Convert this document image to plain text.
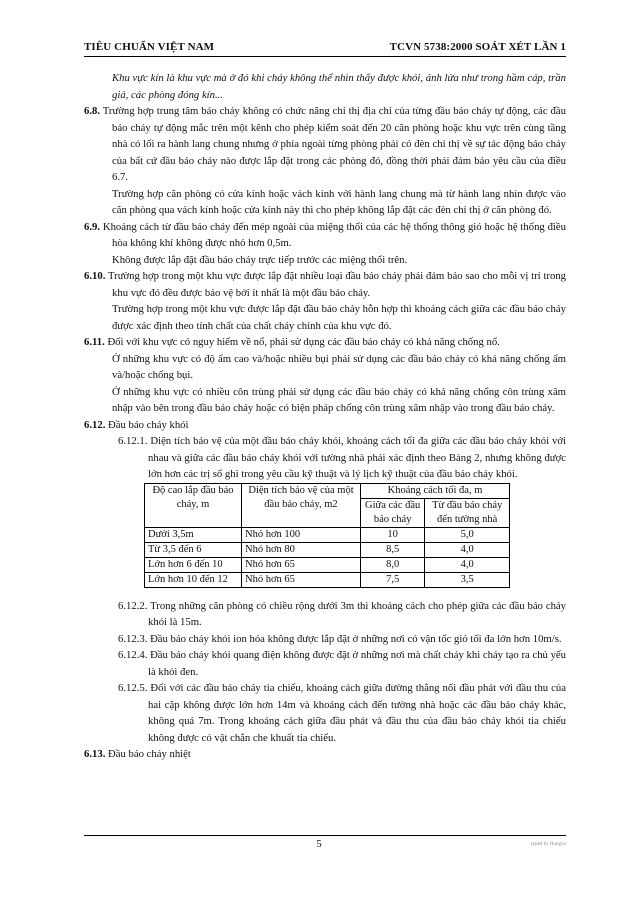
TIÊU CHUẨN VIỆT NAM	TCVN 5738:2000 SOÁT XÉT LẦN 1

Khu vực kín là khu vực mà ở đó khi cháy không thể nhìn thấy được khói, ánh lửa như trong hầm cáp, trần giả, các phòng đóng kín...

6.8. Trường hợp trung tâm báo cháy không có chức năng chỉ thị địa chỉ của từng đầu báo cháy tự động, các đầu báo cháy tự động mắc trên một kênh cho phép kiểm soát đến 20 căn phòng hoặc khu vực trên cùng tầng nhà có lối ra hành lang chung nhưng ở phía ngoài từng phòng phải có đèn chỉ thị về sự tác động báo cháy của bất cứ đầu báo cháy nào được lắp đặt trong các phòng đó, đồng thời phải đảm bảo yêu cầu của điều 6.7.

Trường hợp căn phòng có cửa kính hoặc vách kính với hành lang chung mà từ hành lang nhìn được vào căn phòng qua vách kính hoặc cửa kính này thì cho phép không lắp đặt các đèn chỉ thị ở căn phòng đó.

6.9. Khoảng cách từ đầu báo cháy đến mép ngoài của miệng thổi của các hệ thống thông gió hoặc hệ thống điều hòa không khí không được nhỏ hơn 0,5m.

Không được lắp đặt đầu báo cháy trực tiếp trước các miệng thổi trên.

6.10. Trường hợp trong một khu vực được lắp đặt nhiều loại đầu báo cháy phải đảm bảo sao cho mỗi vị trí trong khu vực đó đều được bảo vệ bởi ít nhất là một đầu báo cháy.

Trường hợp trong một khu vực được lắp đặt đầu báo cháy hỗn hợp thì khoảng cách giữa các đầu báo cháy được xác định theo tính chất của chất cháy chính của khu vực đó.

6.11. Đối với khu vực có nguy hiểm về nổ, phải sử dụng các đầu báo cháy có khả năng chống nổ.

Ở những khu vực có độ ẩm cao và/hoặc nhiều bụi phải sử dụng các đầu báo cháy có khả năng chống ẩm và/hoặc chống bụi.

Ở những khu vực có nhiều côn trùng phải sử dụng các đầu báo cháy có khả năng chống côn trùng xâm nhập vào bên trong đầu báo cháy hoặc có biện pháp chống côn trùng xâm nhập vào trong đầu báo cháy.

6.12. Đầu báo cháy khói

6.12.1. Diện tích bảo vệ của một đầu báo cháy khói, khoảng cách tối đa giữa các đầu báo cháy khói với nhau và giữa các đầu báo cháy khói với tường nhà phải xác định theo Bảng 2, nhưng không được lớn hơn các trị số ghi trong yêu cầu kỹ thuật và lý lịch kỹ thuật của đầu báo cháy khói.

Độ cao lắp đầu báo cháy, m	Diện tích bảo vệ của một đầu báo cháy, m2	Khoảng cách tối đa, m	
		Giữa các đầu báo cháy	Từ đầu báo cháy đến tường nhà
Dưới 3,5m	Nhỏ hơn 100	10	5,0
Từ 3,5 đến 6	Nhỏ hơn 80	8,5	4,0
Lớn hơn 6 đến 10	Nhỏ hơn 65	8,0	4,0
Lớn hơn 10 đến 12	Nhỏ hơn 65	7,5	3,5

6.12.2. Trong những căn phòng có chiều rộng dưới 3m thì khoảng cách cho phép giữa các đầu báo cháy khói là 15m.

6.12.3. Đầu báo cháy khói ion hóa không được lắp đặt ở những nơi có vận tốc gió tối đa lớn hơn 10m/s.

6.12.4. Đầu báo cháy khói quang điện không được đặt ở những nơi mà chất cháy khi cháy tạo ra chủ yếu là khói đen.

6.12.5. Đối với các đầu báo cháy tia chiếu, khoảng cách giữa đường thẳng nối đầu phát với đầu thu của hai cặp không được lớn hơn 14m và khoảng cách đến tường nhà hoặc các đầu báo cháy khác, không quá 7m. Trong khoảng cách giữa đầu phát và đầu thu của đầu báo cháy khói tia chiếu không được có vật chắn che khuất tia chiếu.

6.13. Đầu báo cháy nhiệt

5	typed by Hungvu
